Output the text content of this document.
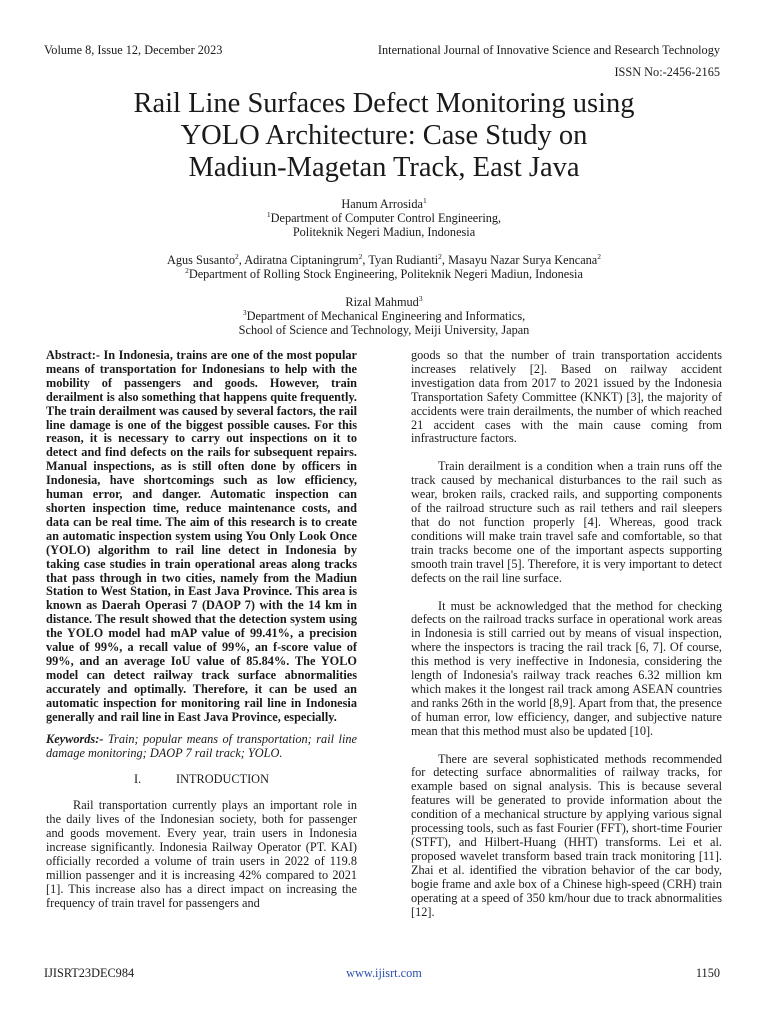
Volume 8, Issue 12, December 2023	International Journal of Innovative Science and Research Technology
ISSN No:-2456-2165
Rail Line Surfaces Defect Monitoring using
YOLO Architecture: Case Study on
Madiun-Magetan Track, East Java
Hanum Arrosida$^1$
$^1$Department of Computer Control Engineering,
Politeknik Negeri Madiun, Indonesia
Agus Susanto$^2$, Adiratna Ciptaningrum$^2$, Tyan Rudianti$^2$, Masayu Nazar Surya Kencana$^2$
$^2$Department of Rolling Stock Engineering, Politeknik Negeri Madiun, Indonesia
Rizal Mahmud$^3$
$^3$Department of Mechanical Engineering and Informatics,
School of Science and Technology, Meiji University, Japan

Abstract:- In Indonesia, trains are one of the most popular means of transportation for Indonesians to help with the mobility of passengers and goods. However, train derailment is also something that happens quite frequently. The train derailment was caused by several factors, the rail line damage is one of the biggest possible causes. For this reason, it is necessary to carry out inspections on it to detect and find defects on the rails for subsequent repairs. Manual inspections, as is still often done by officers in Indonesia, have shortcomings such as low efficiency, human error, and danger. Automatic inspection can shorten inspection time, reduce maintenance costs, and data can be real time. The aim of this research is to create an automatic inspection system using You Only Look Once (YOLO) algorithm to rail line detect in Indonesia by taking case studies in train operational areas along tracks that pass through in two cities, namely from the Madiun Station to West Station, in East Java Province. This area is known as Daerah Operasi 7 (DAOP 7) with the 14 km in distance. The result showed that the detection system using the YOLO model had mAP value of 99.41%, a precision value of 99%, a recall value of 99%, an f-score value of 99%, and an average IoU value of 85.84%. The YOLO model can detect railway track surface abnormalities accurately and optimally. Therefore, it can be used an automatic inspection for monitoring rail line in Indonesia generally and rail line in East Java Province, especially.

Keywords:- Train; popular means of transportation; rail line damage monitoring; DAOP 7 rail track; YOLO.

I.	INTRODUCTION

Rail transportation currently plays an important role in the daily lives of the Indonesian society, both for passenger and goods movement. Every year, train users in Indonesia increase significantly. Indonesia Railway Operator (PT. KAI) officially recorded a volume of train users in 2022 of 119.8 million passenger and it is increasing 42% compared to 2021 [1]. This increase also has a direct impact on increasing the frequency of train travel for passengers and

goods so that the number of train transportation accidents increases relatively [2]. Based on railway accident investigation data from 2017 to 2021 issued by the Indonesia Transportation Safety Committee (KNKT) [3], the majority of accidents were train derailments, the number of which reached 21 accident cases with the main cause coming from infrastructure factors.

Train derailment is a condition when a train runs off the track caused by mechanical disturbances to the rail such as wear, broken rails, cracked rails, and supporting components of the railroad structure such as rail tethers and rail sleepers that do not function properly [4]. Whereas, good track conditions will make train travel safe and comfortable, so that train tracks become one of the important aspects supporting smooth train travel [5]. Therefore, it is very important to detect defects on the rail line surface.

It must be acknowledged that the method for checking defects on the railroad tracks surface in operational work areas in Indonesia is still carried out by means of visual inspection, where the inspectors is tracing the rail track [6, 7]. Of course, this method is very ineffective in Indonesia, considering the length of Indonesia's railway track reaches 6.32 million km which makes it the longest rail track among ASEAN countries and ranks 26th in the world [8,9]. Apart from that, the presence of human error, low efficiency, danger, and subjective nature mean that this method must also be updated [10].

There are several sophisticated methods recommended for detecting surface abnormalities of railway tracks, for example based on signal analysis. This is because several features will be generated to provide information about the condition of a mechanical structure by applying various signal processing tools, such as fast Fourier (FFT), short-time Fourier (STFT), and Hilbert-Huang (HHT) transforms. Lei et al. proposed wavelet transform based train track monitoring [11]. Zhai et al. identified the vibration behavior of the car body, bogie frame and axle box of a Chinese high-speed (CRH) train operating at a speed of 350 km/hour due to track abnormalities [12].

IJISRT23DEC984	www.ijisrt.com	1150
